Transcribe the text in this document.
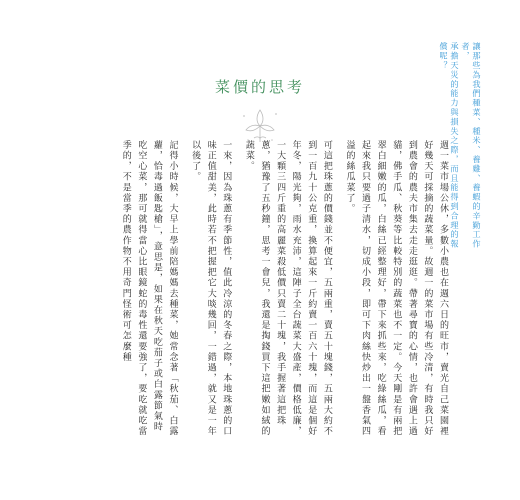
讓那些為我們種菜、種米、養雞、養蝦的辛勤工作者，

承擔天災的能力與損失之際，而且能得到合理的報償呢？

菜價的思考

週一菜市場公休，多數小農也在週六日的旺市，賣光自己菜園裡好幾天可採摘的蔬菜量。故週一的菜市場有些冷清，有時我只好到農會的農夫市集去走走逛逛。帶著尋寶的心情，也許會遇上過貓，佛手瓜、秋葵等比較特別的蔬菜也不一定。今天剛是有兩把翠白細嫩的瓜，白絲已經整理好，帶下來抓些來，吃綠絲瓜，看起來我只要過子清水，切成小段，即可下肉絲快炒出一盤香氣四溢的絲瓜菜了。

可這把珠蔥的價錢並不便宜，五兩重，賣五十塊錢，五兩大約不到一百九十公克重，換算起來一斤約賣一百六十塊，而這是個好年冬，陽光夠，雨水充沛，這陣子全台蔬菜大盛產，價格低廉，一大顆三四斤重的高麗菜殺低價只賣二十塊，我手握著這把珠蔥，猶豫了五秒鐘，思考一會兒，我還是掏錢買下這把嫩如絨的蔬菜。

一來，因為珠蔥有季節性，值此冷涼的冬春之際，本地珠蔥的口味正值甜美，此時若不把握把它大啖幾回，一錯過，就又是一年以後了。

記得小時候，大早上學前陪媽媽去種菜，她常念著「秋茄、白露蘿，恰毒過飯匙槍」，意思是，如果在秋天吃茄子或白露節氣時吃空心菜，那可就得當心比眼鏡蛇的毒性還要強了，要吃就吃當季的，不是當季的農作物不用奇門怪術可怎麼種
